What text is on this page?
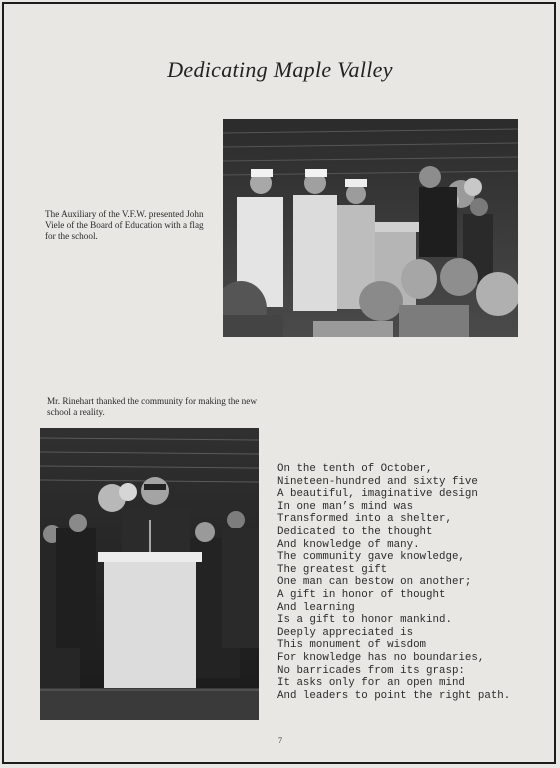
Dedicating Maple Valley
The Auxiliary of the V.F.W. presented John Viele of the Board of Education with a flag for the school.
Mr. Rinehart thanked the community for making the new school a reality.
On the tenth of October,
Nineteen-hundred and sixty five
A beautiful, imaginative design
In one man’s mind was
Transformed into a shelter,
Dedicated to the thought
And knowledge of many.
The community gave knowledge,
The greatest gift
One man can bestow on another;
A gift in honor of thought
And learning
Is a gift to honor mankind.
Deeply appreciated is
This monument of wisdom
For knowledge has no boundaries,
No barricades from its grasp:
It asks only for an open mind
And leaders to point the right path.
7
